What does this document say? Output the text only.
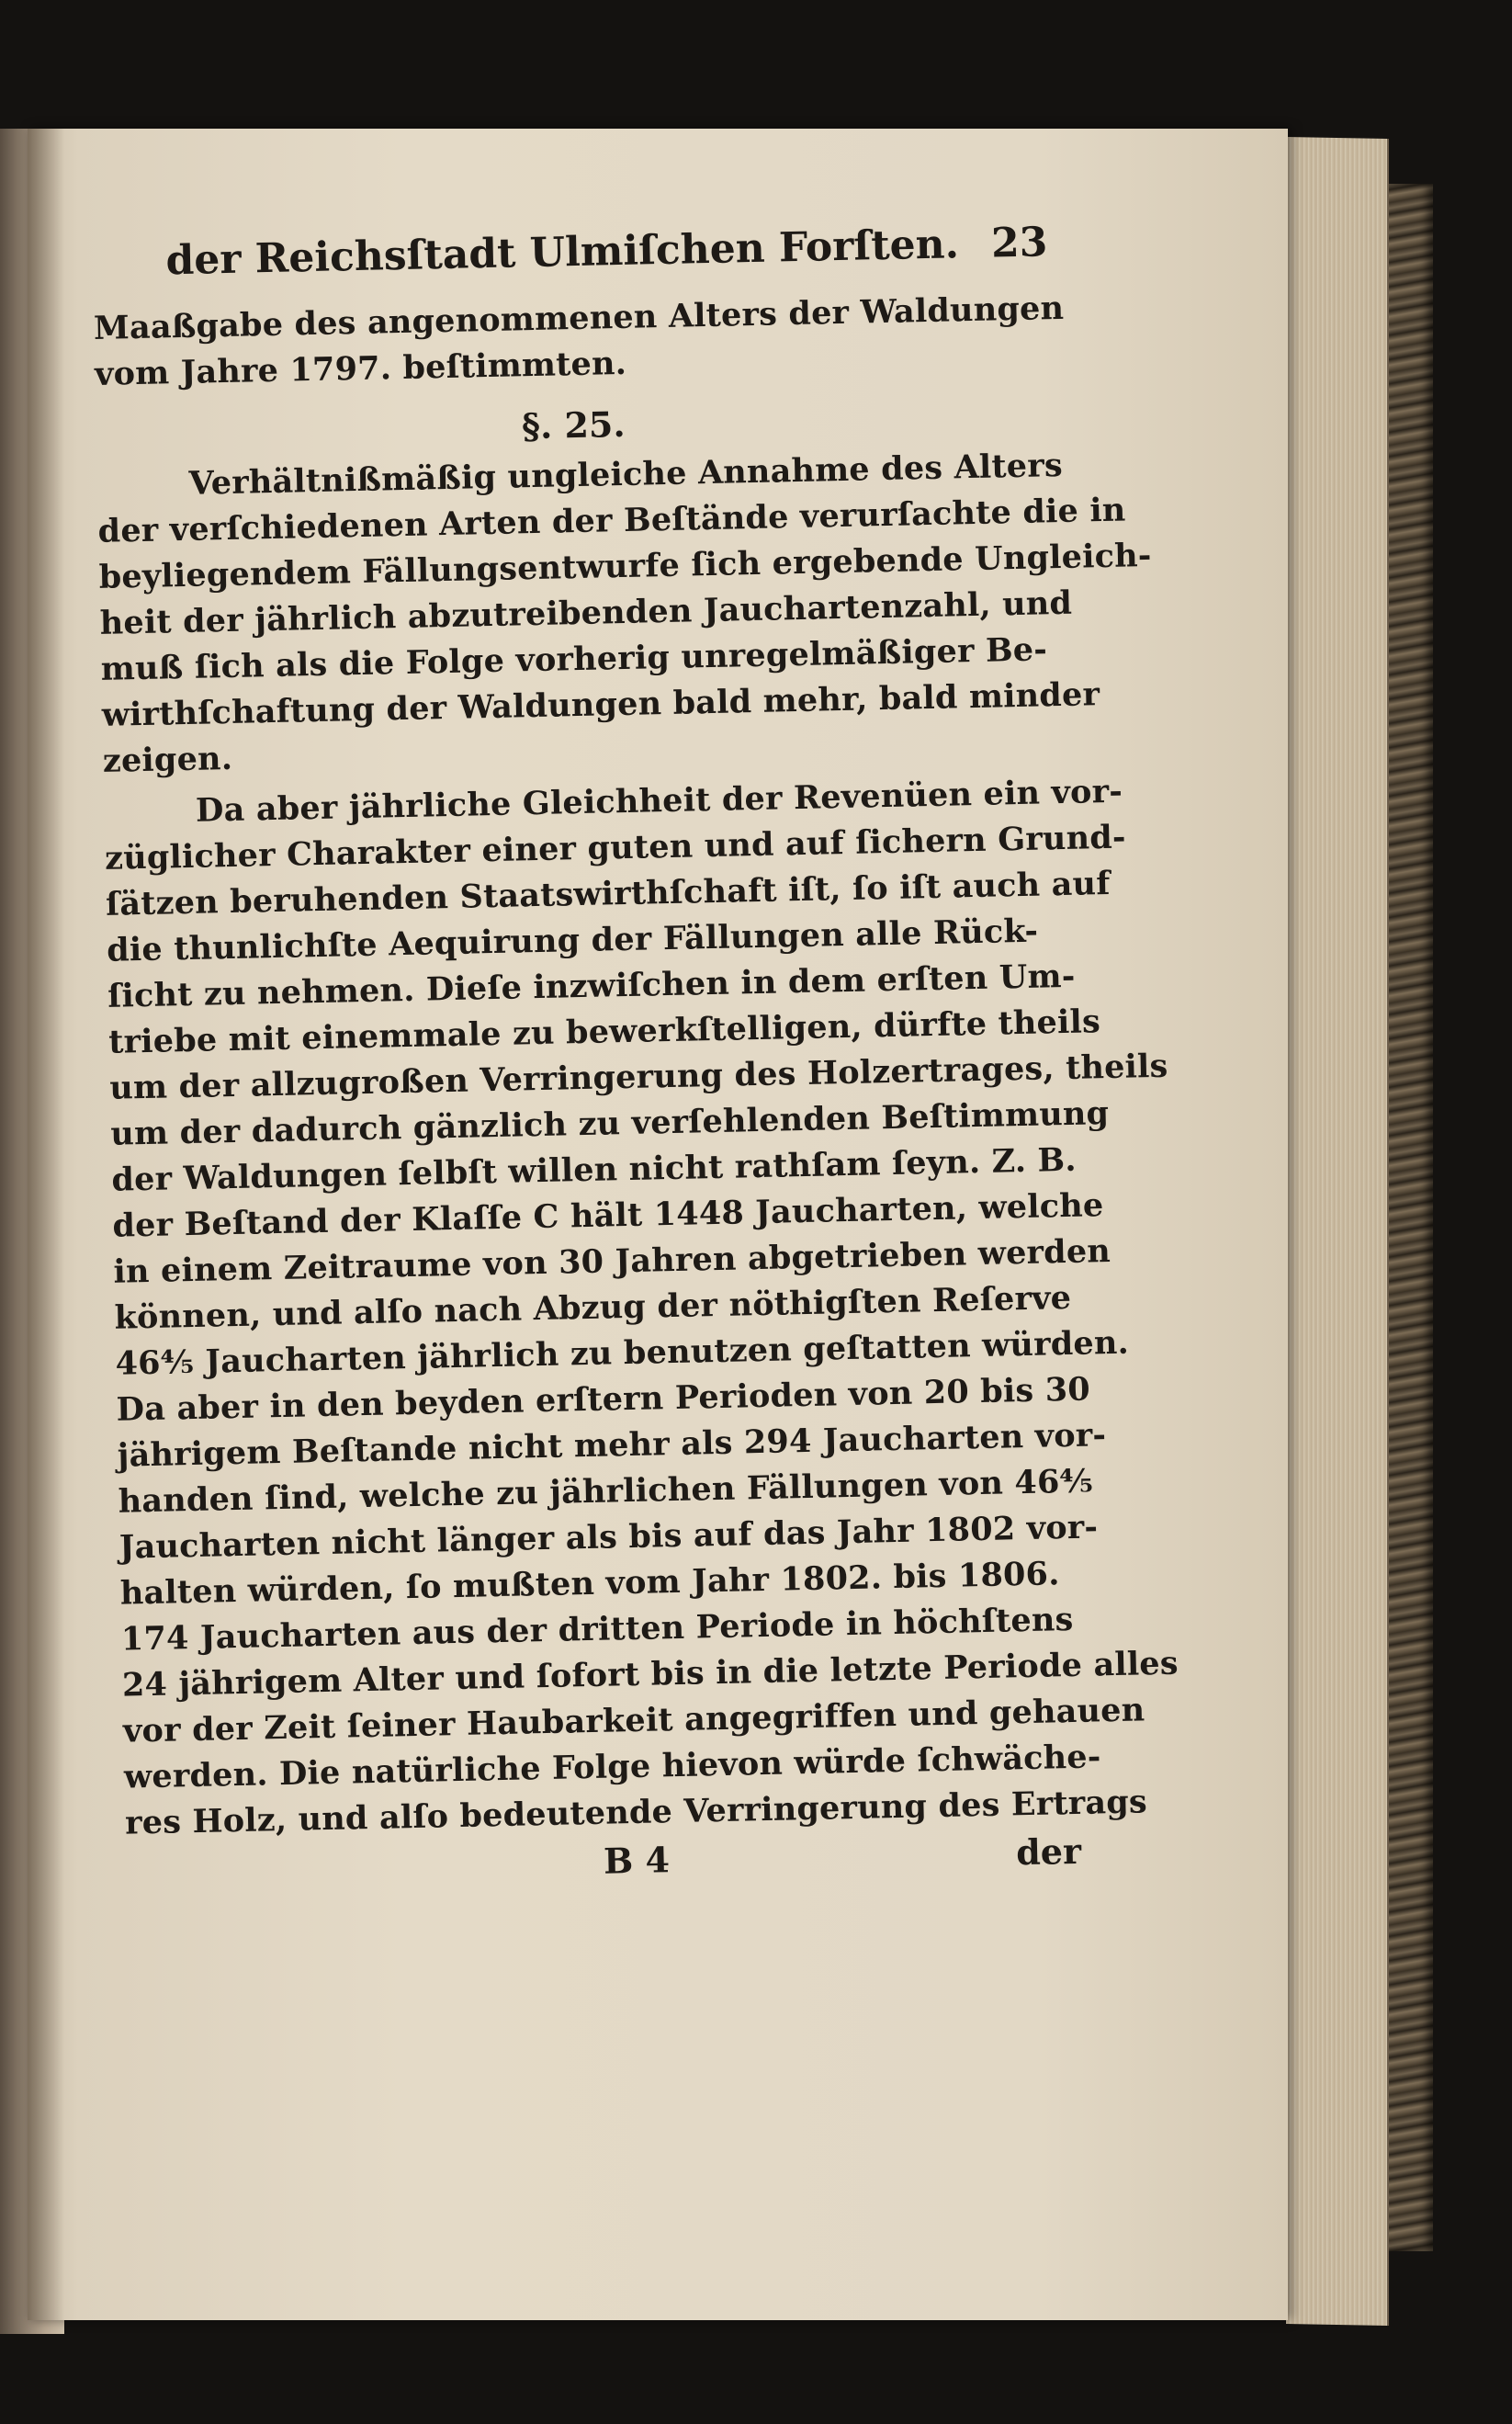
der Reichsſtadt Ulmiſchen Forſten. 23
Maaßgabe des angenommenen Alters der Waldungen
vom Jahre 1797. beſtimmten.
§. 25.
Verhältnißmäßig ungleiche Annahme des Alters
der verſchiedenen Arten der Beſtände verurſachte die in
beyliegendem Fällungsentwurfe ſich ergebende Ungleich-
heit der jährlich abzutreibenden Jauchartenzahl, und
muß ſich als die Folge vorherig unregelmäßiger Be-
wirthſchaftung der Waldungen bald mehr, bald minder
zeigen.
Da aber jährliche Gleichheit der Revenüen ein vor-
züglicher Charakter einer guten und auf ſichern Grund-
ſätzen beruhenden Staatswirthſchaft iſt, ſo iſt auch auf
die thunlichſte Aequirung der Fällungen alle Rück-
ſicht zu nehmen. Dieſe inzwiſchen in dem erſten Um-
triebe mit einemmale zu bewerkſtelligen, dürfte theils
um der allzugroßen Verringerung des Holzertrages, theils
um der dadurch gänzlich zu verſehlenden Beſtimmung
der Waldungen ſelbſt willen nicht rathſam ſeyn. Z. B.
der Beſtand der Klaſſe C hält 1448 Jaucharten, welche
in einem Zeitraume von 30 Jahren abgetrieben werden
können, und alſo nach Abzug der nöthigſten Reſerve
46⅘ Jaucharten jährlich zu benutzen geſtatten würden.
Da aber in den beyden erſtern Perioden von 20 bis 30
jährigem Beſtande nicht mehr als 294 Jaucharten vor-
handen ſind, welche zu jährlichen Fällungen von 46⅘
Jaucharten nicht länger als bis auf das Jahr 1802 vor-
halten würden, ſo mußten vom Jahr 1802. bis 1806.
174 Jaucharten aus der dritten Periode in höchſtens
24 jährigem Alter und ſofort bis in die letzte Periode alles
vor der Zeit ſeiner Haubarkeit angegriffen und gehauen
werden. Die natürliche Folge hievon würde ſchwäche-
res Holz, und alſo bedeutende Verringerung des Ertrags
B 4	der
